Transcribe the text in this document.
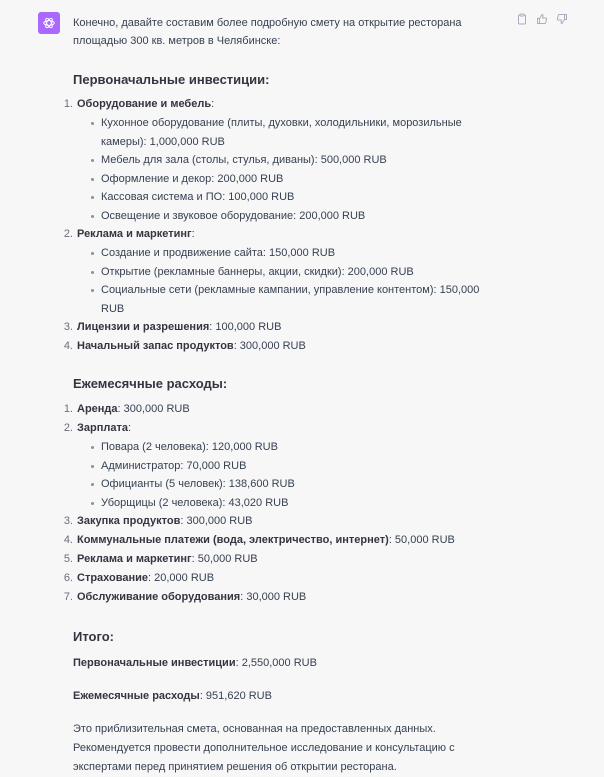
Конечно, давайте составим более подробную смету на открытие ресторана площадью 300 кв. метров в Челябинске:

Первоначальные инвестиции:
1. Оборудование и мебель:
Кухонное оборудование (плиты, духовки, холодильники, морозильные камеры): 1,000,000 RUB
Мебель для зала (столы, стулья, диваны): 500,000 RUB
Оформление и декор: 200,000 RUB
Кассовая система и ПО: 100,000 RUB
Освещение и звуковое оборудование: 200,000 RUB
2. Реклама и маркетинг:
Создание и продвижение сайта: 150,000 RUB
Открытие (рекламные баннеры, акции, скидки): 200,000 RUB
Социальные сети (рекламные кампании, управление контентом): 150,000 RUB
3. Лицензии и разрешения: 100,000 RUB
4. Начальный запас продуктов: 300,000 RUB
Ежемесячные расходы:
1. Аренда: 300,000 RUB
2. Зарплата:
Повара (2 человека): 120,000 RUB
Администратор: 70,000 RUB
Официанты (5 человек): 138,600 RUB
Уборщицы (2 человека): 43,020 RUB
3. Закупка продуктов: 300,000 RUB
4. Коммунальные платежи (вода, электричество, интернет): 50,000 RUB
5. Реклама и маркетинг: 50,000 RUB
6. Страхование: 20,000 RUB
7. Обслуживание оборудования: 30,000 RUB
Итого:

Первоначальные инвестиции: 2,550,000 RUB

Ежемесячные расходы: 951,620 RUB

Это приблизительная смета, основанная на предоставленных данных. Рекомендуется провести дополнительное исследование и консультацию с экспертами перед принятием решения об открытии ресторана.
